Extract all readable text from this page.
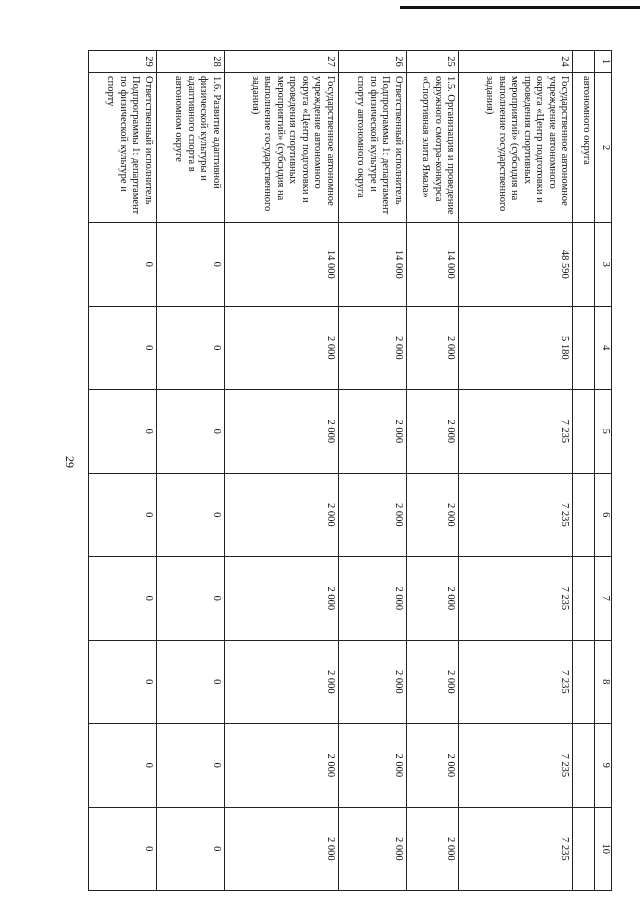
29
1	2	3	4	5	6	7	8	9	10
	автономного округа								
24	Государственное автономное учреждение автономного округа «Центр подготовки и проведения спортивных мероприятий» (субсидия на выполнение государственного задания)	48 590	5 180	7 235	7 235	7 235	7 235	7 235	7 235
25	1.5. Организация и проведение окружного смотра-конкурса «Спортивная элита Ямала»	14 000	2 000	2 000	2 000	2 000	2 000	2 000	2 000
26	Ответственный исполнитель Подпрограммы 1: департамент по физической культуре и спорту автономного округа	14 000	2 000	2 000	2 000	2 000	2 000	2 000	2 000
27	Государственное автономное учреждение автономного округа «Центр подготовки и проведения спортивных мероприятий» (субсидия на выполнение государственного задания)	14 000	2 000	2 000	2 000	2 000	2 000	2 000	2 000
28	1.6. Развитие адаптивной физической культуры и адаптивного спорта в автономном округе	0	0	0	0	0	0	0	0
29	Ответственный исполнитель Подпрограммы 1: департамент по физической культуре и спорту	0	0	0	0	0	0	0	0
